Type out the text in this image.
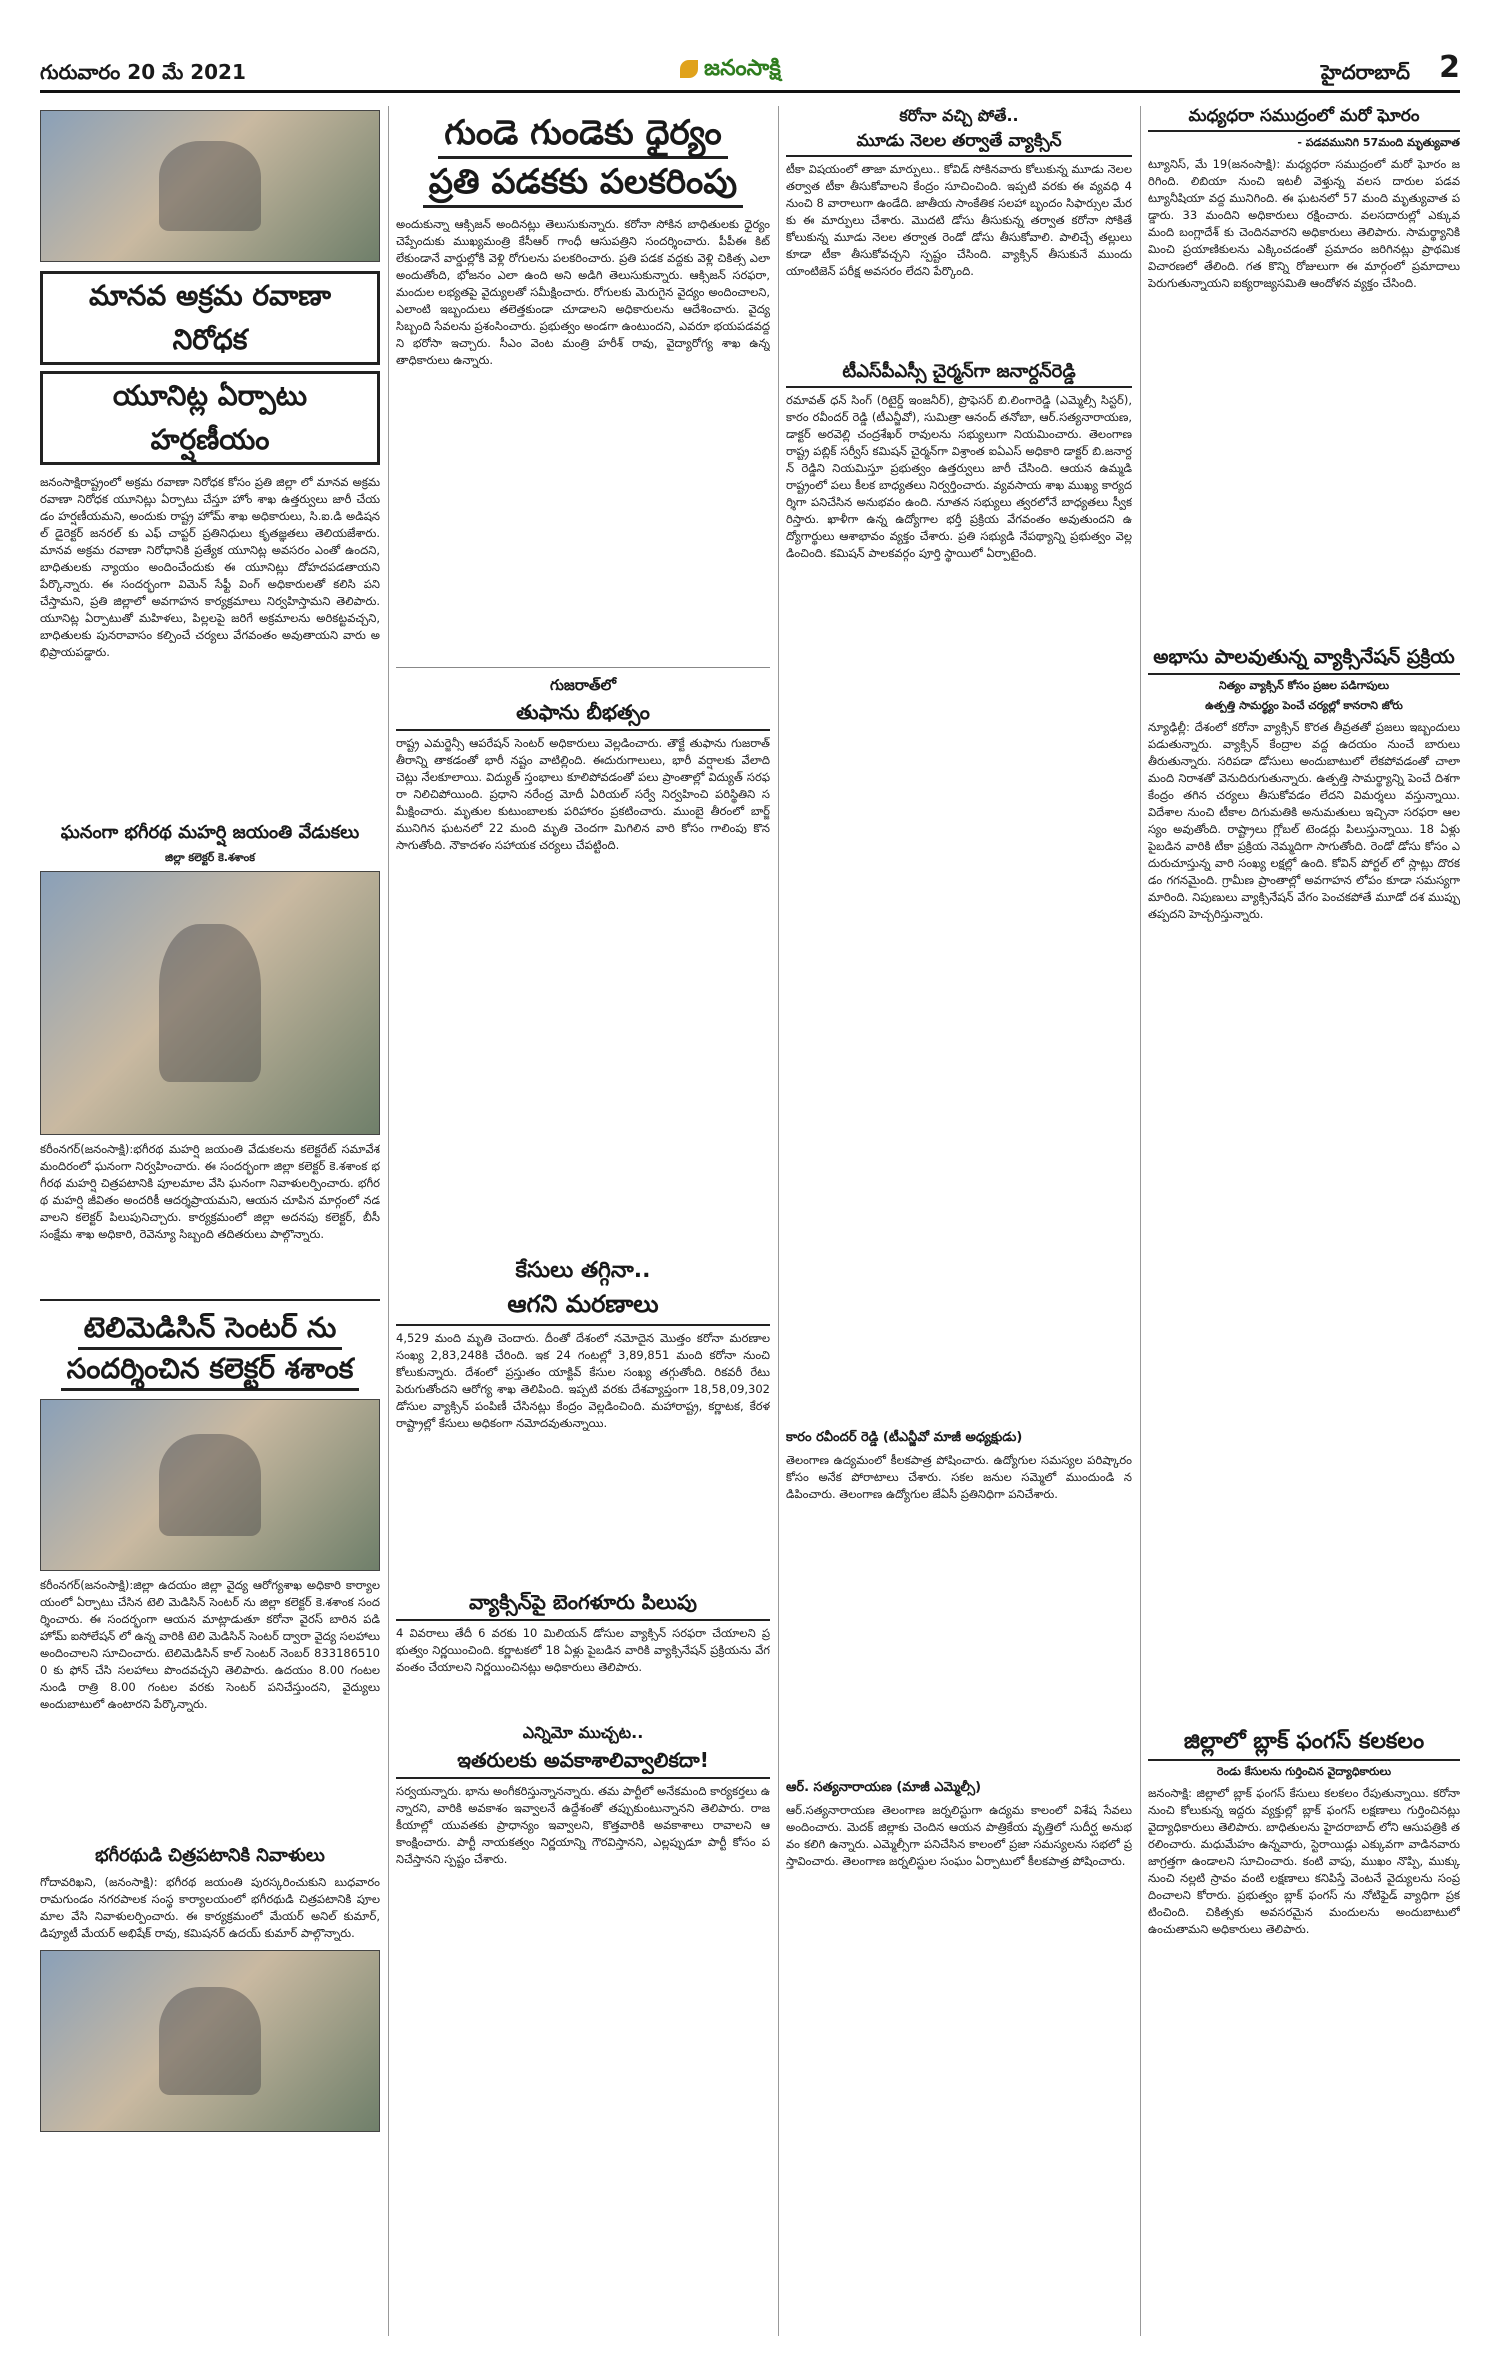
గురువారం 20 మే 2021	జనంసాక్షి	హైదరాబాద్ 2
మానవ అక్రమ రవాణా నిరోధక
యూనిట్ల ఏర్పాటు హర్షణీయం

జనంసాక్షిరాష్ట్రంలో అక్రమ రవాణా నిరోధక కోసం ప్రతి జిల్లా లో మానవ అక్రమ రవాణా నిరోధక యూనిట్లు ఏర్పాటు చేస్తూ హోం శాఖ ఉత్తర్వులు జారీ చేయడం హర్షణీయమని, అందుకు రాష్ట్ర హోమ్ శాఖ అధికారులు, సి.ఐ.డి అడిషనల్ డైరెక్టర్ జనరల్ కు ఎఫ్ చాప్టర్ ప్రతినిధులు కృతజ్ఞతలు తెలియజేశారు. మానవ అక్రమ రవాణా నిరోధానికి ప్రత్యేక యూనిట్ల అవసరం ఎంతో ఉందని, బాధితులకు న్యాయం అందించేందుకు ఈ యూనిట్లు దోహదపడతాయని పేర్కొన్నారు. ఈ సందర్భంగా విమెన్ సేఫ్టీ వింగ్ అధికారులతో కలిసి పని చేస్తామని, ప్రతి జిల్లాలో అవగాహన కార్యక్రమాలు నిర్వహిస్తామని తెలిపారు. యూనిట్ల ఏర్పాటుతో మహిళలు, పిల్లలపై జరిగే అక్రమాలను అరికట్టవచ్చని, బాధితులకు పునరావాసం కల్పించే చర్యలు వేగవంతం అవుతాయని వారు అభిప్రాయపడ్డారు.

ఘనంగా భగీరథ మహర్షి జయంతి వేడుకలు
జిల్లా కలెక్టర్ కె.శశాంక

కరీంనగర్(జనంసాక్షి):భగీరథ మహర్షి జయంతి వేడుకలను కలెక్టరేట్ సమావేశ మందిరంలో ఘనంగా నిర్వహించారు. ఈ సందర్భంగా జిల్లా కలెక్టర్ కె.శశాంక భగీరథ మహర్షి చిత్రపటానికి పూలమాల వేసి ఘనంగా నివాళులర్పించారు. భగీరథ మహర్షి జీవితం అందరికీ ఆదర్శప్రాయమని, ఆయన చూపిన మార్గంలో నడవాలని కలెక్టర్ పిలుపునిచ్చారు. కార్యక్రమంలో జిల్లా అదనపు కలెక్టర్, బీసీ సంక్షేమ శాఖ అధికారి, రెవెన్యూ సిబ్బంది తదితరులు పాల్గొన్నారు.

టెలిమెడిసిన్ సెంటర్ ను
సందర్శించిన కలెక్టర్ శశాంక

కరీంనగర్(జనంసాక్షి):జిల్లా ఉదయం జిల్లా వైద్య ఆరోగ్యశాఖ అధికారి కార్యాలయంలో ఏర్పాటు చేసిన టెలి మెడిసిన్ సెంటర్ ను జిల్లా కలెక్టర్ కె.శశాంక సందర్శించారు. ఈ సందర్భంగా ఆయన మాట్లాడుతూ కరోనా వైరస్ బారిన పడి హోమ్ ఐసోలేషన్ లో ఉన్న వారికి టెలి మెడిసిన్ సెంటర్ ద్వారా వైద్య సలహాలు అందించాలని సూచించారు. టెలిమెడిసిన్ కాల్ సెంటర్ నెంబర్ 8331865100 కు ఫోన్ చేసి సలహాలు పొందవచ్చని తెలిపారు. ఉదయం 8.00 గంటల నుండి రాత్రి 8.00 గంటల వరకు సెంటర్ పనిచేస్తుందని, వైద్యులు అందుబాటులో ఉంటారని పేర్కొన్నారు.

భగీరథుడి చిత్రపటానికి నివాళులు

గోదావరిఖని, (జనంసాక్షి): భగీరథ జయంతి పురస్కరించుకుని బుధవారం రామగుండం నగరపాలక సంస్థ కార్యాలయంలో భగీరథుడి చిత్రపటానికి పూలమాల వేసి నివాళులర్పించారు. ఈ కార్యక్రమంలో మేయర్ అనిల్ కుమార్, డిప్యూటీ మేయర్ అభిషేక్ రావు, కమిషనర్ ఉదయ్ కుమార్ పాల్గొన్నారు.

గుండె గుండెకు ధైర్యం
ప్రతి పడకకు పలకరింపు

అందుకున్నా ఆక్సిజన్ అందినట్లు తెలుసుకున్నారు. కరోనా సోకిన బాధితులకు ధైర్యం చెప్పేందుకు ముఖ్యమంత్రి కేసీఆర్ గాంధీ ఆసుపత్రిని సందర్శించారు. పీపీఈ కిట్ లేకుండానే వార్డుల్లోకి వెళ్లి రోగులను పలకరించారు. ప్రతి పడక వద్దకు వెళ్లి చికిత్స ఎలా అందుతోంది, భోజనం ఎలా ఉంది అని అడిగి తెలుసుకున్నారు. ఆక్సిజన్ సరఫరా, మందుల లభ్యతపై వైద్యులతో సమీక్షించారు. రోగులకు మెరుగైన వైద్యం అందించాలని, ఎలాంటి ఇబ్బందులు తలెత్తకుండా చూడాలని అధికారులను ఆదేశించారు. వైద్య సిబ్బంది సేవలను ప్రశంసించారు. ప్రభుత్వం అండగా ఉంటుందని, ఎవరూ భయపడవద్దని భరోసా ఇచ్చారు. సీఎం వెంట మంత్రి హరీశ్ రావు, వైద్యారోగ్య శాఖ ఉన్నతాధికారులు ఉన్నారు.

గుజరాత్‌లో
తుఫాను బీభత్సం

రాష్ట్ర ఎమర్జెన్సీ ఆపరేషన్ సెంటర్ అధికారులు వెల్లడించారు. తౌక్టే తుఫాను గుజరాత్ తీరాన్ని తాకడంతో భారీ నష్టం వాటిల్లింది. ఈదురుగాలులు, భారీ వర్షాలకు వేలాది చెట్లు నేలకూలాయి. విద్యుత్ స్తంభాలు కూలిపోవడంతో పలు ప్రాంతాల్లో విద్యుత్ సరఫరా నిలిచిపోయింది. ప్రధాని నరేంద్ర మోదీ ఏరియల్ సర్వే నిర్వహించి పరిస్థితిని సమీక్షించారు. మృతుల కుటుంబాలకు పరిహారం ప్రకటించారు. ముంబై తీరంలో బార్జ్ మునిగిన ఘటనలో 22 మంది మృతి చెందగా మిగిలిన వారి కోసం గాలింపు కొనసాగుతోంది. నౌకాదళం సహాయక చర్యలు చేపట్టింది.

కేసులు తగ్గినా..
ఆగని మరణాలు

4,529 మంది మృతి చెందారు. దీంతో దేశంలో నమోదైన మొత్తం కరోనా మరణాల సంఖ్య 2,83,248కి చేరింది. ఇక 24 గంటల్లో 3,89,851 మంది కరోనా నుంచి కోలుకున్నారు. దేశంలో ప్రస్తుతం యాక్టివ్ కేసుల సంఖ్య తగ్గుతోంది. రికవరీ రేటు పెరుగుతోందని ఆరోగ్య శాఖ తెలిపింది. ఇప్పటి వరకు దేశవ్యాప్తంగా 18,58,09,302 డోసుల వ్యాక్సిన్ పంపిణీ చేసినట్లు కేంద్రం వెల్లడించింది. మహారాష్ట్ర, కర్ణాటక, కేరళ రాష్ట్రాల్లో కేసులు అధికంగా నమోదవుతున్నాయి.

వ్యాక్సిన్‌పై బెంగళూరు పిలుపు

4 వివరాలు తేదీ 6 వరకు 10 మిలియన్ డోసుల వ్యాక్సిన్ సరఫరా చేయాలని ప్రభుత్వం నిర్ణయించింది. కర్ణాటకలో 18 ఏళ్లు పైబడిన వారికి వ్యాక్సినేషన్ ప్రక్రియను వేగవంతం చేయాలని నిర్ణయించినట్లు అధికారులు తెలిపారు.

ఎన్నిమో ముచ్చట..
ఇతరులకు అవకాశాలివ్వాలికదా!

సర్వయన్నారు. భాను అంగీకరిస్తున్నానన్నారు. తమ పార్టీలో అనేకమంది కార్యకర్తలు ఉన్నారని, వారికి అవకాశం ఇవ్వాలనే ఉద్దేశంతో తప్పుకుంటున్నానని తెలిపారు. రాజకీయాల్లో యువతకు ప్రాధాన్యం ఇవ్వాలని, కొత్తవారికి అవకాశాలు రావాలని ఆకాంక్షించారు. పార్టీ నాయకత్వం నిర్ణయాన్ని గౌరవిస్తానని, ఎల్లప్పుడూ పార్టీ కోసం పనిచేస్తానని స్పష్టం చేశారు.

కరోనా వచ్చి పోతే..
మూడు నెలల తర్వాతే వ్యాక్సిన్

టీకా విషయంలో తాజా మార్పులు.. కోవిడ్ సోకినవారు కోలుకున్న మూడు నెలల తర్వాత టీకా తీసుకోవాలని కేంద్రం సూచించింది. ఇప్పటి వరకు ఈ వ్యవధి 4 నుంచి 8 వారాలుగా ఉండేది. జాతీయ సాంకేతిక సలహా బృందం సిఫార్సుల మేరకు ఈ మార్పులు చేశారు. మొదటి డోసు తీసుకున్న తర్వాత కరోనా సోకితే కోలుకున్న మూడు నెలల తర్వాత రెండో డోసు తీసుకోవాలి. పాలిచ్చే తల్లులు కూడా టీకా తీసుకోవచ్చని స్పష్టం చేసింది. వ్యాక్సిన్ తీసుకునే ముందు యాంటిజెన్ పరీక్ష అవసరం లేదని పేర్కొంది.

టీఎస్‌పీఎస్సీ చైర్మన్‌గా జనార్దన్‌రెడ్డి

రమావత్ ధన్ సింగ్ (రిటైర్డ్ ఇంజనీర్), ప్రొఫెసర్ బి.లింగారెడ్డి (ఎమ్మెల్సీ సిస్టర్), కారం రవీందర్ రెడ్డి (టీఎన్జీవో), సుమిత్రా ఆనంద్ తనోబా, ఆర్.సత్యనారాయణ, డాక్టర్ అరవెల్లి చంద్రశేఖర్ రావులను సభ్యులుగా నియమించారు. తెలంగాణ రాష్ట్ర పబ్లిక్ సర్వీస్ కమిషన్ చైర్మన్‌గా విశ్రాంత ఐఏఎస్ అధికారి డాక్టర్ బి.జనార్దన్ రెడ్డిని నియమిస్తూ ప్రభుత్వం ఉత్తర్వులు జారీ చేసింది. ఆయన ఉమ్మడి రాష్ట్రంలో పలు కీలక బాధ్యతలు నిర్వర్తించారు. వ్యవసాయ శాఖ ముఖ్య కార్యదర్శిగా పనిచేసిన అనుభవం ఉంది. నూతన సభ్యులు త్వరలోనే బాధ్యతలు స్వీకరిస్తారు. ఖాళీగా ఉన్న ఉద్యోగాల భర్తీ ప్రక్రియ వేగవంతం అవుతుందని ఉద్యోగార్థులు ఆశాభావం వ్యక్తం చేశారు. ప్రతి సభ్యుడి నేపథ్యాన్ని ప్రభుత్వం వెల్లడించింది. కమిషన్ పాలకవర్గం పూర్తి స్థాయిలో ఏర్పాటైంది.

కారం రవీందర్ రెడ్డి (టీఎన్జీవో మాజీ అధ్యక్షుడు)

తెలంగాణ ఉద్యమంలో కీలకపాత్ర పోషించారు. ఉద్యోగుల సమస్యల పరిష్కారం కోసం అనేక పోరాటాలు చేశారు. సకల జనుల సమ్మెలో ముందుండి నడిపించారు. తెలంగాణ ఉద్యోగుల జేఏసీ ప్రతినిధిగా పనిచేశారు.

ఆర్. సత్యనారాయణ (మాజీ ఎమ్మెల్సీ)

ఆర్.సత్యనారాయణ తెలంగాణ జర్నలిస్టుగా ఉద్యమ కాలంలో విశేష సేవలు అందించారు. మెదక్ జిల్లాకు చెందిన ఆయన పాత్రికేయ వృత్తిలో సుదీర్ఘ అనుభవం కలిగి ఉన్నారు. ఎమ్మెల్సీగా పనిచేసిన కాలంలో ప్రజా సమస్యలను సభలో ప్రస్తావించారు. తెలంగాణ జర్నలిస్టుల సంఘం ఏర్పాటులో కీలకపాత్ర పోషించారు.

మధ్యధరా సముద్రంలో మరో ఘోరం
- పడవమునిగి 57మంది మృత్యువాత

ట్యూనిస్, మే 19(జనంసాక్షి): మధ్యధరా సముద్రంలో మరో ఘోరం జరిగింది. లిబియా నుంచి ఇటలీ వెళ్తున్న వలస దారుల పడవ ట్యూనీషియా వద్ద మునిగింది. ఈ ఘటనలో 57 మంది మృత్యువాత పడ్డారు. 33 మందిని అధికారులు రక్షించారు. వలసదారుల్లో ఎక్కువ మంది బంగ్లాదేశ్ కు చెందినవారని అధికారులు తెలిపారు. సామర్థ్యానికి మించి ప్రయాణికులను ఎక్కించడంతో ప్రమాదం జరిగినట్లు ప్రాథమిక విచారణలో తేలింది. గత కొన్ని రోజులుగా ఈ మార్గంలో ప్రమాదాలు పెరుగుతున్నాయని ఐక్యరాజ్యసమితి ఆందోళన వ్యక్తం చేసింది.

అభాసు పాలవుతున్న వ్యాక్సినేషన్ ప్రక్రియ
నిత్యం వ్యాక్సిన్ కోసం ప్రజల పడిగాపులు
ఉత్పత్తి సామర్థ్యం పెంచే చర్యల్లో కానరాని జోరు

న్యూఢిల్లీ: దేశంలో కరోనా వ్యాక్సిన్ కొరత తీవ్రతతో ప్రజలు ఇబ్బందులు పడుతున్నారు. వ్యాక్సిన్ కేంద్రాల వద్ద ఉదయం నుంచే బారులు తీరుతున్నారు. సరిపడా డోసులు అందుబాటులో లేకపోవడంతో చాలా మంది నిరాశతో వెనుదిరుగుతున్నారు. ఉత్పత్తి సామర్థ్యాన్ని పెంచే దిశగా కేంద్రం తగిన చర్యలు తీసుకోవడం లేదని విమర్శలు వస్తున్నాయి. విదేశాల నుంచి టీకాల దిగుమతికి అనుమతులు ఇచ్చినా సరఫరా ఆలస్యం అవుతోంది. రాష్ట్రాలు గ్లోబల్ టెండర్లు పిలుస్తున్నాయి. 18 ఏళ్లు పైబడిన వారికి టీకా ప్రక్రియ నెమ్మదిగా సాగుతోంది. రెండో డోసు కోసం ఎదురుచూస్తున్న వారి సంఖ్య లక్షల్లో ఉంది. కోవిన్ పోర్టల్ లో స్లాట్లు దొరకడం గగనమైంది. గ్రామీణ ప్రాంతాల్లో అవగాహన లోపం కూడా సమస్యగా మారింది. నిపుణులు వ్యాక్సినేషన్ వేగం పెంచకపోతే మూడో దశ ముప్పు తప్పదని హెచ్చరిస్తున్నారు.

జిల్లాలో బ్లాక్ ఫంగస్ కలకలం
రెండు కేసులను గుర్తించిన వైద్యాధికారులు

జనంసాక్షి: జిల్లాలో బ్లాక్ ఫంగస్ కేసులు కలకలం రేపుతున్నాయి. కరోనా నుంచి కోలుకున్న ఇద్దరు వ్యక్తుల్లో బ్లాక్ ఫంగస్ లక్షణాలు గుర్తించినట్లు వైద్యాధికారులు తెలిపారు. బాధితులను హైదరాబాద్ లోని ఆసుపత్రికి తరలించారు. మధుమేహం ఉన్నవారు, స్టెరాయిడ్లు ఎక్కువగా వాడినవారు జాగ్రత్తగా ఉండాలని సూచించారు. కంటి వాపు, ముఖం నొప్పి, ముక్కు నుంచి నల్లటి స్రావం వంటి లక్షణాలు కనిపిస్తే వెంటనే వైద్యులను సంప్రదించాలని కోరారు. ప్రభుత్వం బ్లాక్ ఫంగస్ ను నోటిఫైడ్ వ్యాధిగా ప్రకటించింది. చికిత్సకు అవసరమైన మందులను అందుబాటులో ఉంచుతామని అధికారులు తెలిపారు.
